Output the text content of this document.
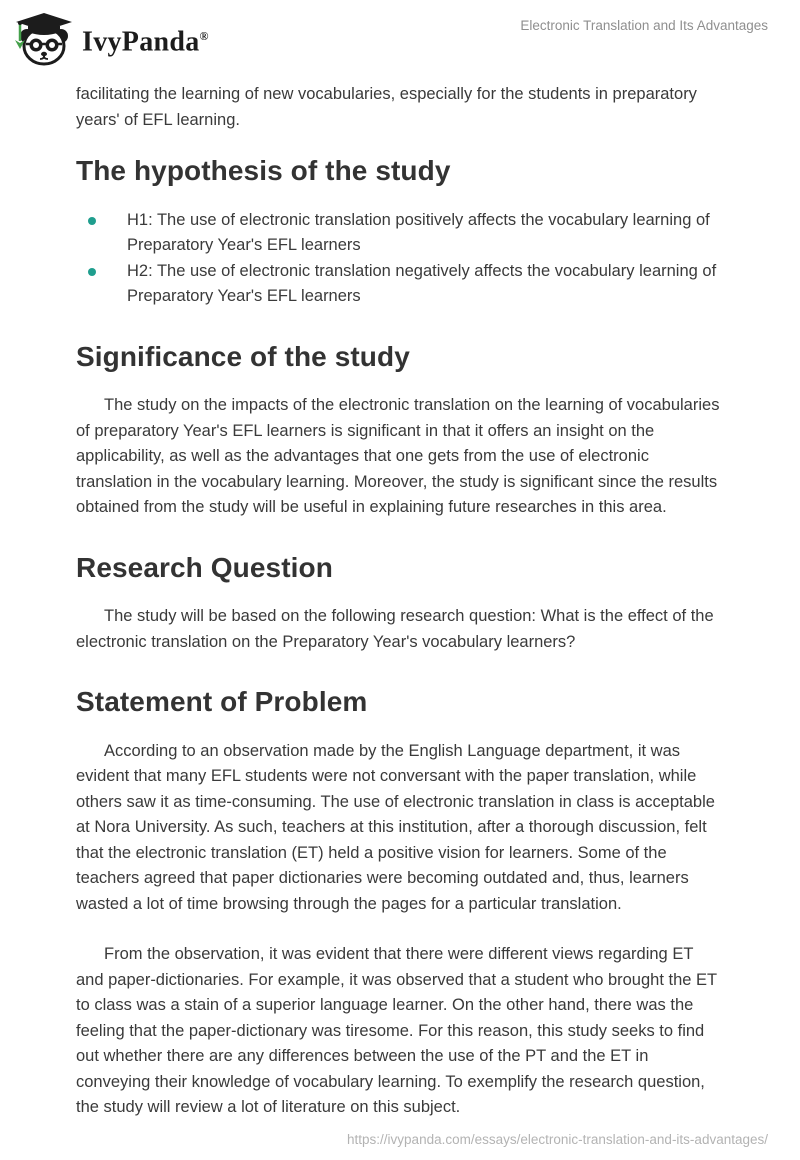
IvyPanda®
Electronic Translation and Its Advantages

facilitating the learning of new vocabularies, especially for the students in preparatory years' of EFL learning.

The hypothesis of the study
H1: The use of electronic translation positively affects the vocabulary learning of Preparatory Year's EFL learners
H2: The use of electronic translation negatively affects the vocabulary learning of Preparatory Year's EFL learners
Significance of the study

The study on the impacts of the electronic translation on the learning of vocabularies of preparatory Year's EFL learners is significant in that it offers an insight on the applicability, as well as the advantages that one gets from the use of electronic translation in the vocabulary learning. Moreover, the study is significant since the results obtained from the study will be useful in explaining future researches in this area.

Research Question

The study will be based on the following research question: What is the effect of the electronic translation on the Preparatory Year's vocabulary learners?

Statement of Problem

According to an observation made by the English Language department, it was evident that many EFL students were not conversant with the paper translation, while others saw it as time-consuming. The use of electronic translation in class is acceptable at Nora University. As such, teachers at this institution, after a thorough discussion, felt that the electronic translation (ET) held a positive vision for learners. Some of the teachers agreed that paper dictionaries were becoming outdated and, thus, learners wasted a lot of time browsing through the pages for a particular translation.

From the observation, it was evident that there were different views regarding ET and paper-dictionaries. For example, it was observed that a student who brought the ET to class was a stain of a superior language learner. On the other hand, there was the feeling that the paper-dictionary was tiresome. For this reason, this study seeks to find out whether there are any differences between the use of the PT and the ET in conveying their knowledge of vocabulary learning. To exemplify the research question, the study will review a lot of literature on this subject.

https://ivypanda.com/essays/electronic-translation-and-its-advantages/
